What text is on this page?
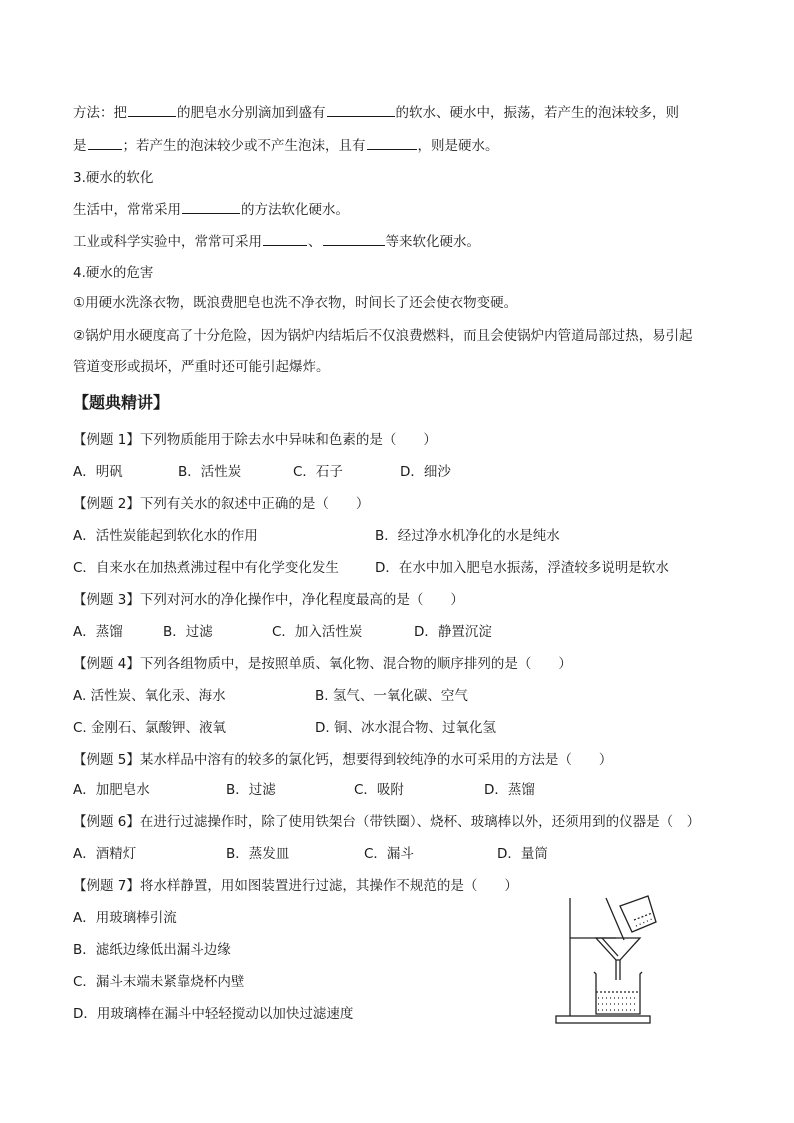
方法：把	的肥皂水分别滴加到盛有	的软水、硬水中，振荡，若产生的泡沫较多，则
是	；若产生的泡沫较少或不产生泡沫，且有	，则是硬水。
3.硬水的软化
生活中，常常采用	的方法软化硬水。
工业或科学实验中，常常可采用	、	等来软化硬水。
4.硬水的危害
①用硬水洗涤衣物，既浪费肥皂也洗不净衣物，时间长了还会使衣物变硬。
②锅炉用水硬度高了十分危险，因为锅炉内结垢后不仅浪费燃料，而且会使锅炉内管道局部过热，易引起
管道变形或损坏，严重时还可能引起爆炸。
【题典精讲】
【例题 1】下列物质能用于除去水中异味和色素的是（　　）
A．明矾	B．活性炭	C．石子	D．细沙
【例题 2】下列有关水的叙述中正确的是（　　）
A．活性炭能起到软化水的作用	B．经过净水机净化的水是纯水
C．自来水在加热煮沸过程中有化学变化发生	D．在水中加入肥皂水振荡，浮渣较多说明是软水
【例题 3】下列对河水的净化操作中，净化程度最高的是（　　）
A．蒸馏	B．过滤	C．加入活性炭	D．静置沉淀
【例题 4】下列各组物质中，是按照单质、氧化物、混合物的顺序排列的是（　　）
A. 活性炭、氧化汞、海水	B. 氢气、一氧化碳、空气
C. 金刚石、氯酸钾、液氧	D. 铜、冰水混合物、过氧化氢
【例题 5】某水样品中溶有的较多的氯化钙，想要得到较纯净的水可采用的方法是（　　）
A．加肥皂水	B．过滤	C．吸附	D．蒸馏
【例题 6】在进行过滤操作时，除了使用铁架台（带铁圈）、烧杯、玻璃棒以外，还须用到的仪器是（　）
A．酒精灯	B．蒸发皿	C．漏斗	D．量筒
【例题 7】将水样静置，用如图装置进行过滤，其操作不规范的是（　　）
A．用玻璃棒引流
B．滤纸边缘低出漏斗边缘
C．漏斗末端未紧靠烧杯内壁
D．用玻璃棒在漏斗中轻轻搅动以加快过滤速度
